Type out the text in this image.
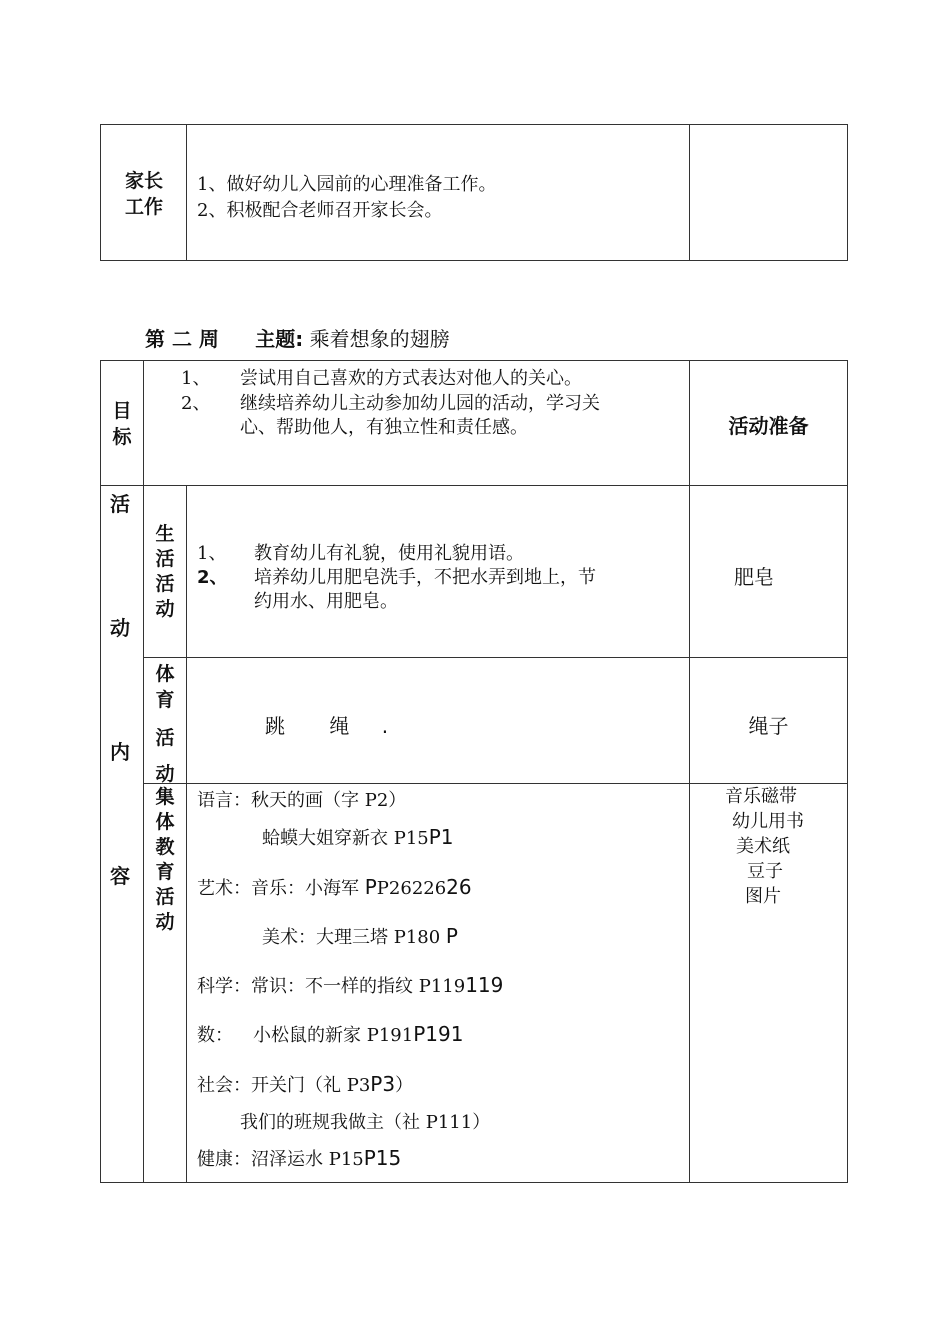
家长
工作
1、做好幼儿入园前的心理准备工作。
2、积极配合老师召开家长会。
第 二 周 主题: 乘着想象的翅膀
目
标
1、 尝试用自己喜欢的方式表达对他人的关心。
2、 继续培养幼儿主动参加幼儿园的活动，学习关
心、帮助他人，有独立性和责任感。	活动准备
活
动
内
容
生
活
活
动
1、 教育幼儿有礼貌，使用礼貌用语。
2、 培养幼儿用肥皂洗手，不把水弄到地上，节
约用水、用肥皂。
肥皂
体
育
活
动
跳 绳 .	绳子
集
体
教
育
活
动
语言：秋天的画（字 P2）
蛤蟆大姐穿新衣 P15P1
艺术：音乐：小海军 PP2622626
美术：大理三塔 P180 P
科学：常识：不一样的指纹 P119119
数： 小松鼠的新家 P191P191
社会：开关门（礼 P3P3）
我们的班规我做主（社 P111）
健康：沼泽运水 P15P15
音乐磁带
幼儿用书
美术纸
豆子
图片
